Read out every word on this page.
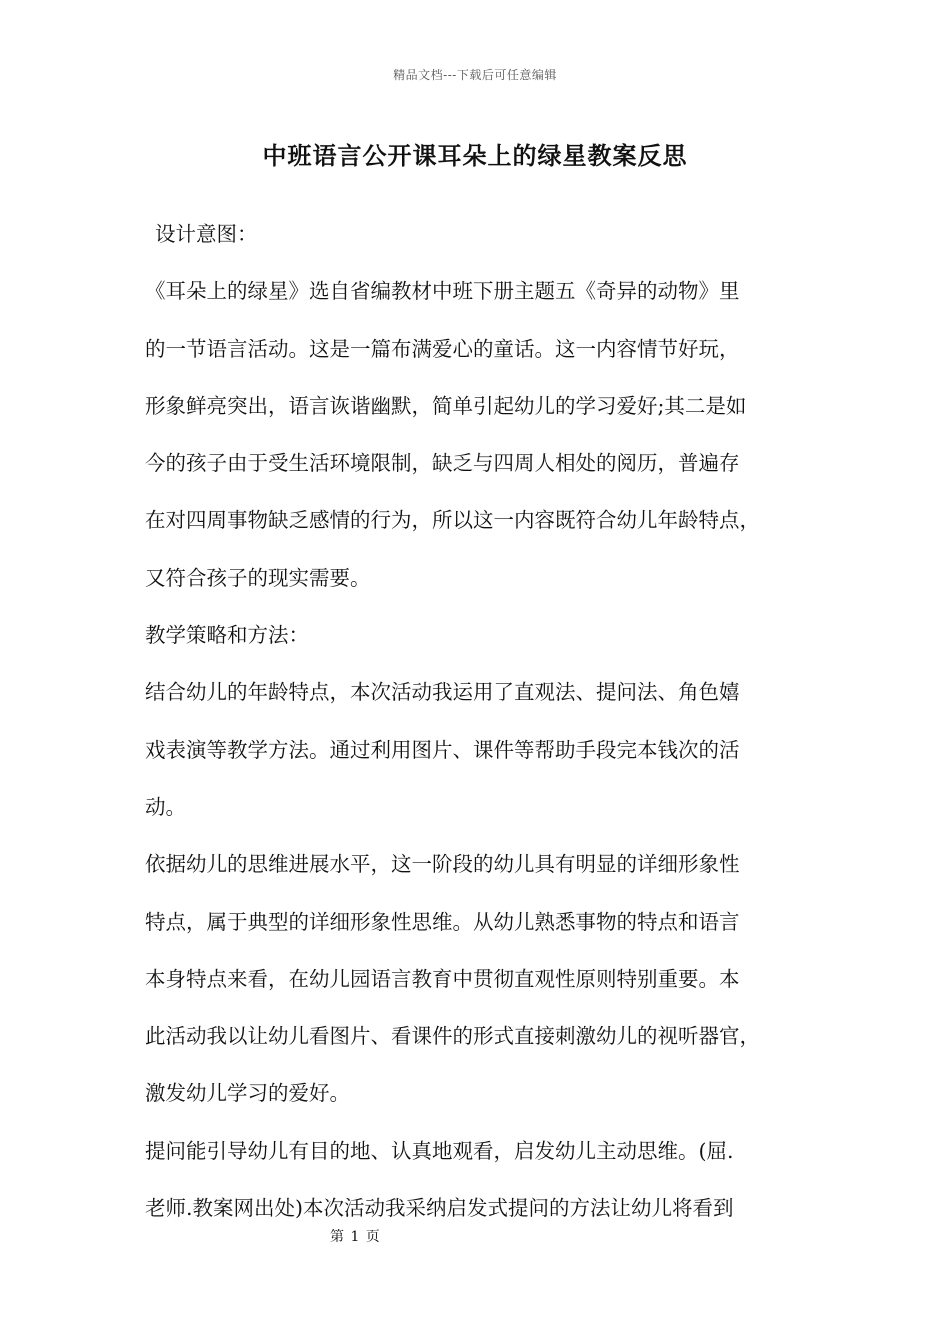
精品文档---下载后可任意编辑
中班语言公开课耳朵上的绿星教案反思
设计意图：
《耳朵上的绿星》选自省编教材中班下册主题五《奇异的动物》里
的一节语言活动。这是一篇布满爱心的童话。这一内容情节好玩，
形象鲜亮突出，语言诙谐幽默，简单引起幼儿的学习爱好;其二是如
今的孩子由于受生活环境限制，缺乏与四周人相处的阅历，普遍存
在对四周事物缺乏感情的行为，所以这一内容既符合幼儿年龄特点，
又符合孩子的现实需要。
教学策略和方法：
结合幼儿的年龄特点，本次活动我运用了直观法、提问法、角色嬉
戏表演等教学方法。通过利用图片、课件等帮助手段完本钱次的活
动。
依据幼儿的思维进展水平，这一阶段的幼儿具有明显的详细形象性
特点，属于典型的详细形象性思维。从幼儿熟悉事物的特点和语言
本身特点来看，在幼儿园语言教育中贯彻直观性原则特别重要。本
此活动我以让幼儿看图片、看课件的形式直接刺激幼儿的视听器官，
激发幼儿学习的爱好。
提问能引导幼儿有目的地、认真地观看，启发幼儿主动思维。(屈.
老师.教案网出处)本次活动我采纳启发式提问的方法让幼儿将看到
第 1 页
